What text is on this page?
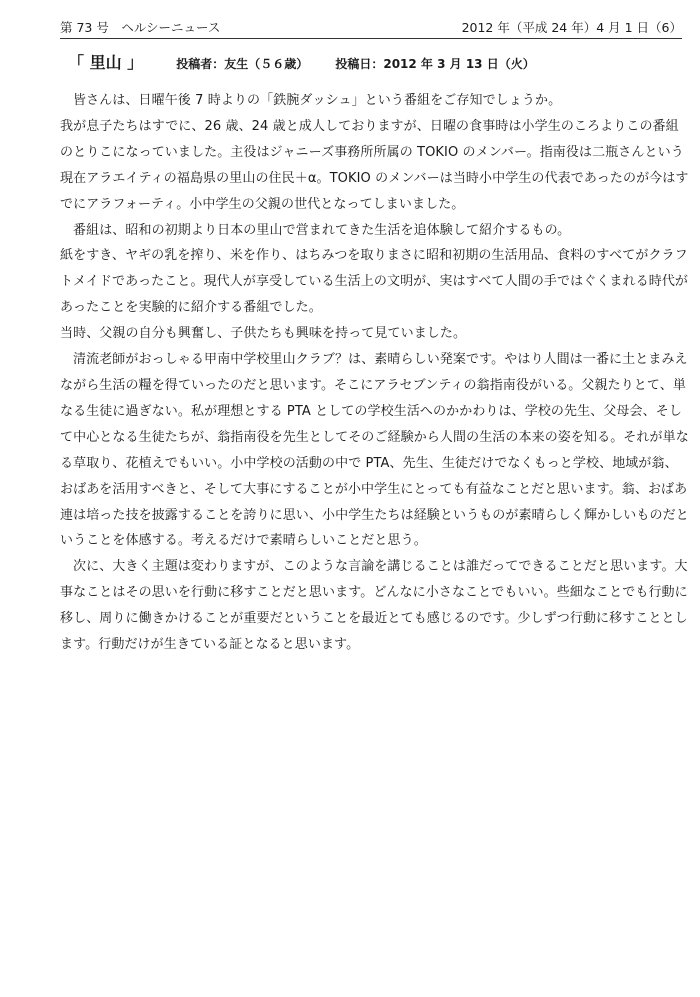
第 73 号　ヘルシーニュース	2012 年（平成 24 年）4 月 1 日（6）
「 里山 」	投稿者：友生（５６歳） 投稿日：2012 年 3 月 13 日（火）

皆さんは、日曜午後 7 時よりの「鉄腕ダッシュ」という番組をご存知でしょうか。

我が息子たちはすでに、26 歳、24 歳と成人しておりますが、日曜の食事時は小学生のころよりこの番組のとりこになっていました。主役はジャニーズ事務所所属の TOKIO のメンバー。指南役は二瓶さんという現在アラエイティの福島県の里山の住民＋α。TOKIO のメンバーは当時小中学生の代表であったのが今はすでにアラフォーティ。小中学生の父親の世代となってしまいました。

番組は、昭和の初期より日本の里山で営まれてきた生活を追体験して紹介するもの。

紙をすき、ヤギの乳を搾り、米を作り、はちみつを取りまさに昭和初期の生活用品、食料のすべてがクラフトメイドであったこと。現代人が享受している生活上の文明が、実はすべて人間の手ではぐくまれる時代があったことを実験的に紹介する番組でした。

当時、父親の自分も興奮し、子供たちも興味を持って見ていました。

清流老師がおっしゃる甲南中学校里山クラブ？は、素晴らしい発案です。やはり人間は一番に土とまみえながら生活の糧を得ていったのだと思います。そこにアラセブンティの翁指南役がいる。父親たりとて、単なる生徒に過ぎない。私が理想とする PTA としての学校生活へのかかわりは、学校の先生、父母会、そして中心となる生徒たちが、翁指南役を先生としてそのご経験から人間の生活の本来の姿を知る。それが単なる草取り、花植えでもいい。小中学校の活動の中で PTA、先生、生徒だけでなくもっと学校、地域が翁、おばあを活用すべきと、そして大事にすることが小中学生にとっても有益なことだと思います。翁、おばあ連は培った技を披露することを誇りに思い、小中学生たちは経験というものが素晴らしく輝かしいものだということを体感する。考えるだけで素晴らしいことだと思う。

次に、大きく主題は変わりますが、このような言論を講じることは誰だってできることだと思います。大事なことはその思いを行動に移すことだと思います。どんなに小さなことでもいい。些細なことでも行動に移し、周りに働きかけることが重要だということを最近とても感じるのです。少しずつ行動に移すこととします。行動だけが生きている証となると思います。
